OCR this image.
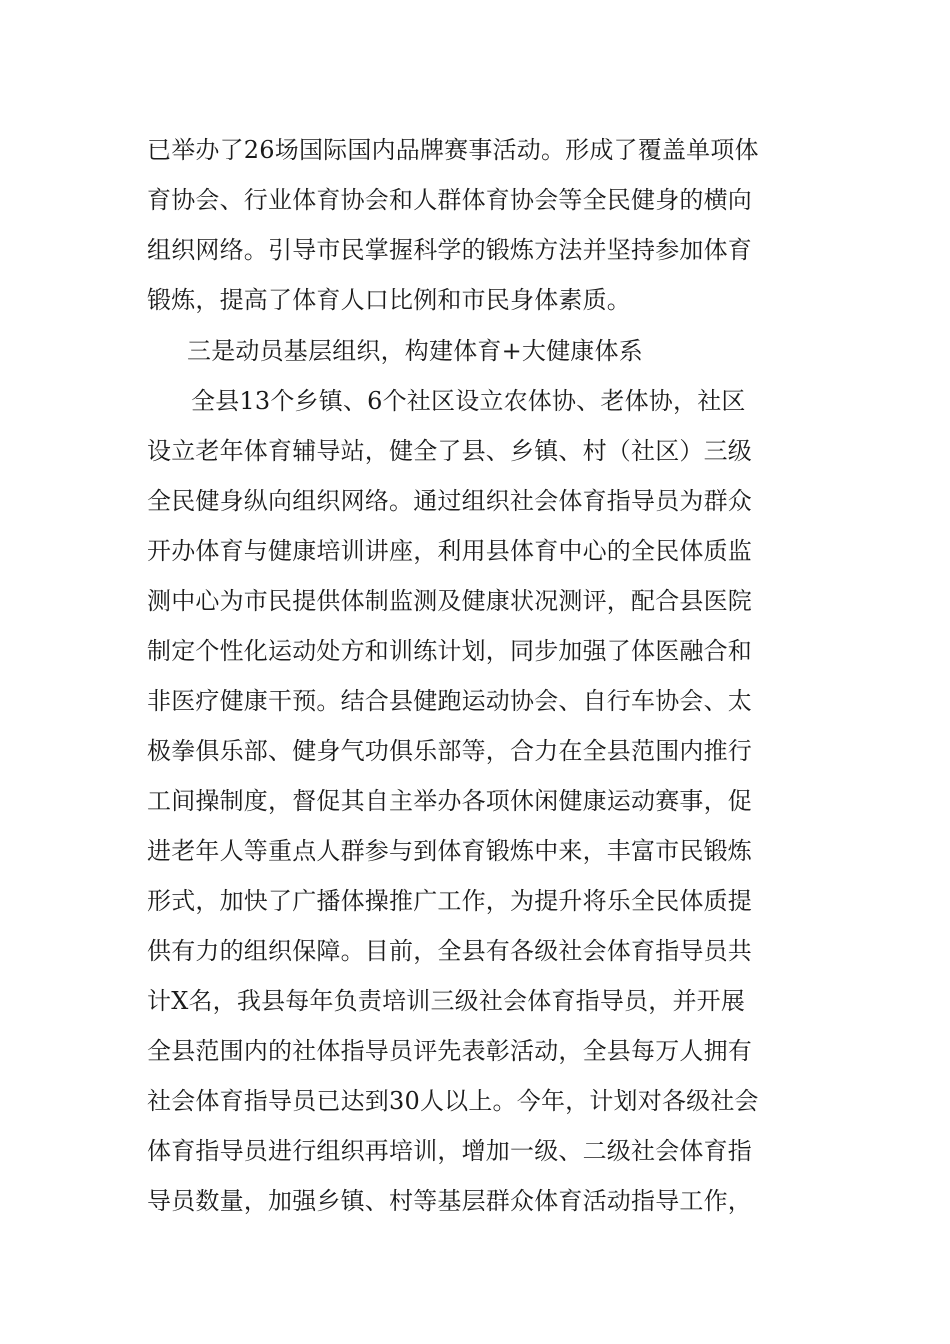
已举办了26场国际国内品牌赛事活动。形成了覆盖单项体
育协会、行业体育协会和人群体育协会等全民健身的横向
组织网络。引导市民掌握科学的锻炼方法并坚持参加体育
锻炼，提高了体育人口比例和市民身体素质。
三是动员基层组织，构建体育+大健康体系
全县13个乡镇、6个社区设立农体协、老体协，社区
设立老年体育辅导站，健全了县、乡镇、村（社区）三级
全民健身纵向组织网络。通过组织社会体育指导员为群众
开办体育与健康培训讲座，利用县体育中心的全民体质监
测中心为市民提供体制监测及健康状况测评，配合县医院
制定个性化运动处方和训练计划，同步加强了体医融合和
非医疗健康干预。结合县健跑运动协会、自行车协会、太
极拳俱乐部、健身气功俱乐部等，合力在全县范围内推行
工间操制度，督促其自主举办各项休闲健康运动赛事，促
进老年人等重点人群参与到体育锻炼中来，丰富市民锻炼
形式，加快了广播体操推广工作，为提升将乐全民体质提
供有力的组织保障。目前，全县有各级社会体育指导员共
计X名，我县每年负责培训三级社会体育指导员，并开展
全县范围内的社体指导员评先表彰活动，全县每万人拥有
社会体育指导员已达到30人以上。今年，计划对各级社会
体育指导员进行组织再培训，增加一级、二级社会体育指
导员数量，加强乡镇、村等基层群众体育活动指导工作，
